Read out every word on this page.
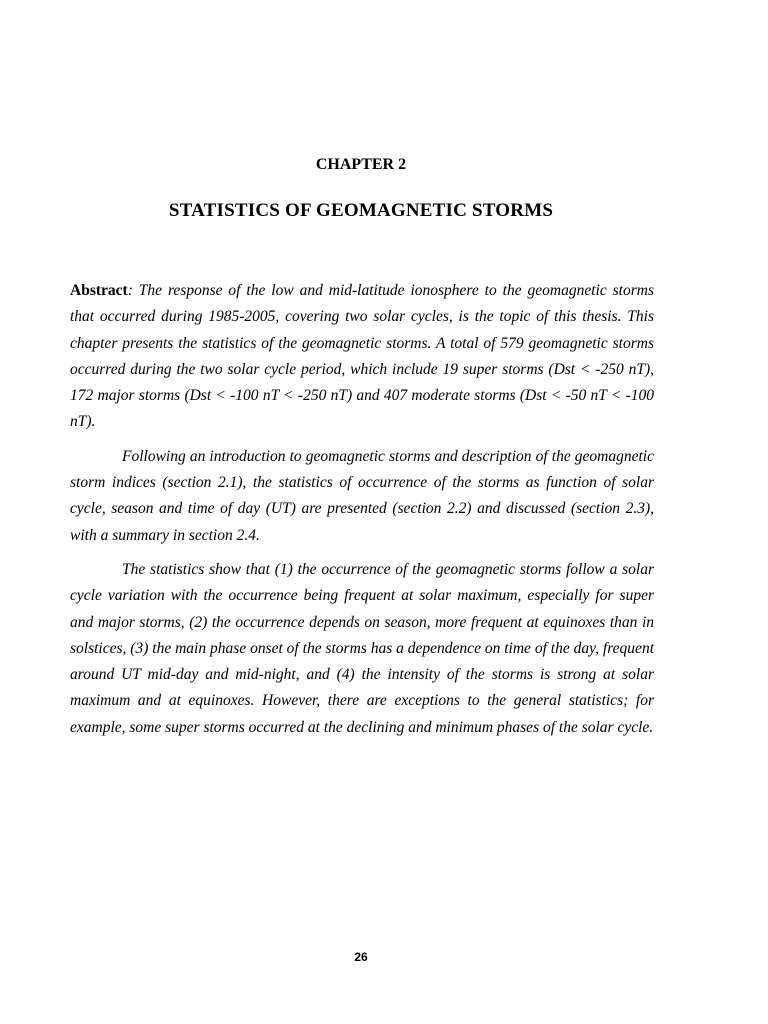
CHAPTER 2
STATISTICS OF GEOMAGNETIC STORMS

Abstract: The response of the low and mid-latitude ionosphere to the geomagnetic storms that occurred during 1985-2005, covering two solar cycles, is the topic of this thesis. This chapter presents the statistics of the geomagnetic storms. A total of 579 geomagnetic storms occurred during the two solar cycle period, which include 19 super storms (Dst < -250 nT), 172 major storms (Dst < -100 nT < -250 nT) and 407 moderate storms (Dst < -50 nT < -100 nT).

Following an introduction to geomagnetic storms and description of the geomagnetic storm indices (section 2.1), the statistics of occurrence of the storms as function of solar cycle, season and time of day (UT) are presented (section 2.2) and discussed (section 2.3), with a summary in section 2.4.

The statistics show that (1) the occurrence of the geomagnetic storms follow a solar cycle variation with the occurrence being frequent at solar maximum, especially for super and major storms, (2) the occurrence depends on season, more frequent at equinoxes than in solstices, (3) the main phase onset of the storms has a dependence on time of the day, frequent around UT mid-day and mid-night, and (4) the intensity of the storms is strong at solar maximum and at equinoxes. However, there are exceptions to the general statistics; for example, some super storms occurred at the declining and minimum phases of the solar cycle.

26
